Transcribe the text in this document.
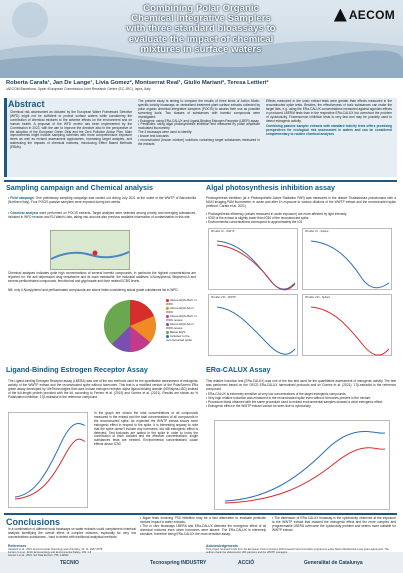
Combining Polar Organic
Chemical Integrative Samplers
with three standard bioassays to
evaluate the impact of chemical
mixtures in surface waters
AECOM
Roberta Carafa¹, Jan De Lange¹, Livia Gomez², Montserrat Real¹, Giulio Mariani², Teresa Lettieri²
¹AECOM Barcelona, Spain ²European Commission Joint Research Centre (EC-JRC), Ispra, Italy
Abstract
Chemical risk assessment as dictated by the European Water Framework Directive (WFD) might not be sufficient to protect surface waters while considering the contribution of chemical mixtures to the adverse effects on the environment and on human health. A proposal of the WFD review has been implemented by the Commission in 2022, with the aim to improve the directive also in the perspective of the adoption of the European Green Deal and the Zero Pollution Action Plan. Main improvements might include sampling schemes with more comprehensive exposure times as well as revised assessment approaches, increasing target analytes, and addressing the impacts of chemical mixtures, introducing Effect Based Methods (EBMs).
The present study is aiming to compare the results of three kinds of Action Mode-specific toxicity bioassays on centralised treatment plant surface extracts collected by polar organic chemical integrative samplers (POCIS) to assess their use as possible screening tools. Two classes of substances with harmful compounds were investigated:
• Estrogens: using ERa-CALUX and Ligand-Binding Estrogen Receptor (LBER) assay
• Pesticides: using algal photosynthesis inhibition test measured by pulse amplitude modulated fluorometry
The 3 bioassays were used to identify:
• known test toxicants
• reconstructed (known mixture) solutions containing target substances measured in the extracts
Effects measured in the unsiv extract tests were greater than effects measured in the reconstructed spike tests. Besides, the effectiveness of toxic substances can make the target lists, e.g. using the ERa-CALUX concentrations measured against agonists effects in produced LBERM tests than in the respective ERa-CALUX but overshoot the problem of cyclotoxicity. Fluorescence inhibition tests is very fast and may be possibly used to detect estrogenic activity.
Combining passive sampler extracts with standard toxicity tests offers promising perspectives for ecological risk assessment in waters and can be considered complementary to routine chemical analyses
Sampling campaign and Chemical analysis
• Field campaign: One preliminary sampling campaign was carried out during July 2021 at the outlet of the WWTP of Barcelonilla (Northern Italy). Four POCIS passive samplers were exposed during two weeks.
• Chemical analysis were performed on POCIS extracts. Target analytes were selected among priority and emerging substances, included in WFD revision and EU Watch Lists, taking into account also previous available information of contamination in this site.
Chemical analyses indicates quite high concentrations of several harmful compounds, in particular the highest concentrations are reported for: the anti depressant drug venlafaxine and its main metabolite, the industrial additives 4-Nonylphenol, Bisphenol-A and several perfluorinated compounds, fenchloronil and glyphosate and their related ECBS levels.
NB: only 4-Nonylphenol and perfluorinated compounds are above limits considering actual grade substances list in WFD.
Above EQS-MAC in WFD
Above EQS-AA in WFD
Above EQS-MAC in WFD-review
Above EQS-AA in WFD-review
Below EQS
Included in the reconstructed spike
Algal photosynthesis inhibition assay
Photosynthesis inhibition (at a Photosynthetic Active Radiation PAR) was measured in the diatom Thalassiosira pseudonana with a MAXI imaging-PAM fluorometer, in acute and after 1h exposure to various dilutions of the WWTP extract and the reconstructed spike (method: Carafa et al. 2021).
• Photosynthesis efficiency (values measured in acute exposure) are more affected by light intensity
• IC50 of the extract is slightly lower than IC50 of the reconstructed spike
• Environmental concentrations correspond to approximately the IC5
ΦII after 1h - WWTP	ΦII after 1h - Spiked
ΦII after 24h - WWTP	ΦII after 24h - Spiked
Ligand-Binding Estrogen Receptor Assay
The Ligand-binding Estrogen Receptor assay (LBERA) was one of the two methods used for the quantitative assessment of estrogenic activity of the WWTP extract and the reconstructed spike without hormones. This test is a modified version of the PolarScreen ERa green assay developed by LifeTechnologies that uses human estrogen receptor alpha ligand-binding domain (hERalpha-LBD) instead of the full-length protein provided with the kit, according to Ferrero et al. (2019) and Gomez et al. (2021). Results are shown as % Polarization inhibition, 17β-estradiol is the reference compound.
In the graph are shown the total concentrations of all compounds measured in the extract and the total concentrations of all compounds in the reconstructed spike. As expected the WWTP extract shows more estrogenic effect in respect to the spike. It is interesting anyway to note that the spike doesn't include any hormones, but still estrogenic effect is detected. Test toxicants are added in the spike in order to know the contribution of each toxicant and the effective concentrations; single substances tests are needed. Environmental concentrations cause effects above IC50.
ERα-CALUX Assay
This relative induction test (ERa-CALUX) was one of the two test used for the quantitative assessment of estrogenic activity. The test was performed based on the OECD ERa-CALUX harmonised protocols and on Gomez et al. (2021). 17β-estradiol is the reference compound.
• ERa-CALUX is extremely sensitive at very low concentrations of the target estrogenic compounds
• Very high relative induction was measured in the reconstructed spike even without hormones present in the mixture.
• Procedure blank obtained with the same procedure used to extract environmental samples showed a clear estrogenic effect.
• Estrogenic effect in the WWTP extract cannot be seen due to cytotoxicity
Conclusions
In a combination of different toxic bioassays on water extracts could complement chemical analysis identifying the overall effect of complex mixtures, especially for very low concentrations substances - hard to detect with traditional analytical methods.
• Algae tests involving PSII inhibition may be a fast alternative to evaluate pesticide mixture impact in water extracts.
• The in vitro bioassays LBERA and ERa-CALUX detected the estrogenic effect of all chemical mixtures even when hormones were absent. The ERa-CALUX is extremely sensitive, therefore being ERa-CALUX the most sensitive assay.
• The dimension of ERa-CALUX bioassay is the cytotoxicity observed at the exposure to the WWTP extract that masked the estrogenic effect and the more complex and programmable LBERA overcome the cytotoxicity problem and seems more suitable for WWTP extract.
References
Carafa R et al., 2021. Environmental Toxicology and Chemistry, 31: 11, 2667-2678
Ferrero V et al., 2019. Ecotoxicology and Environmental Safety, 169: 1-8
Gomez L et al., 2021. Sci Total Environ, 755, 142622
Acknowledgements
This project received funds from the European Union's Horizon 2020 research and innovation programme under Marie Sklodowska-Curie grant agreement. The authors thank the Valencia EU JRC partners and the WWTP managers.
TECNIO	Tecnospring INDUSTRY	ACCIÓ	Generalitat de Catalunya
